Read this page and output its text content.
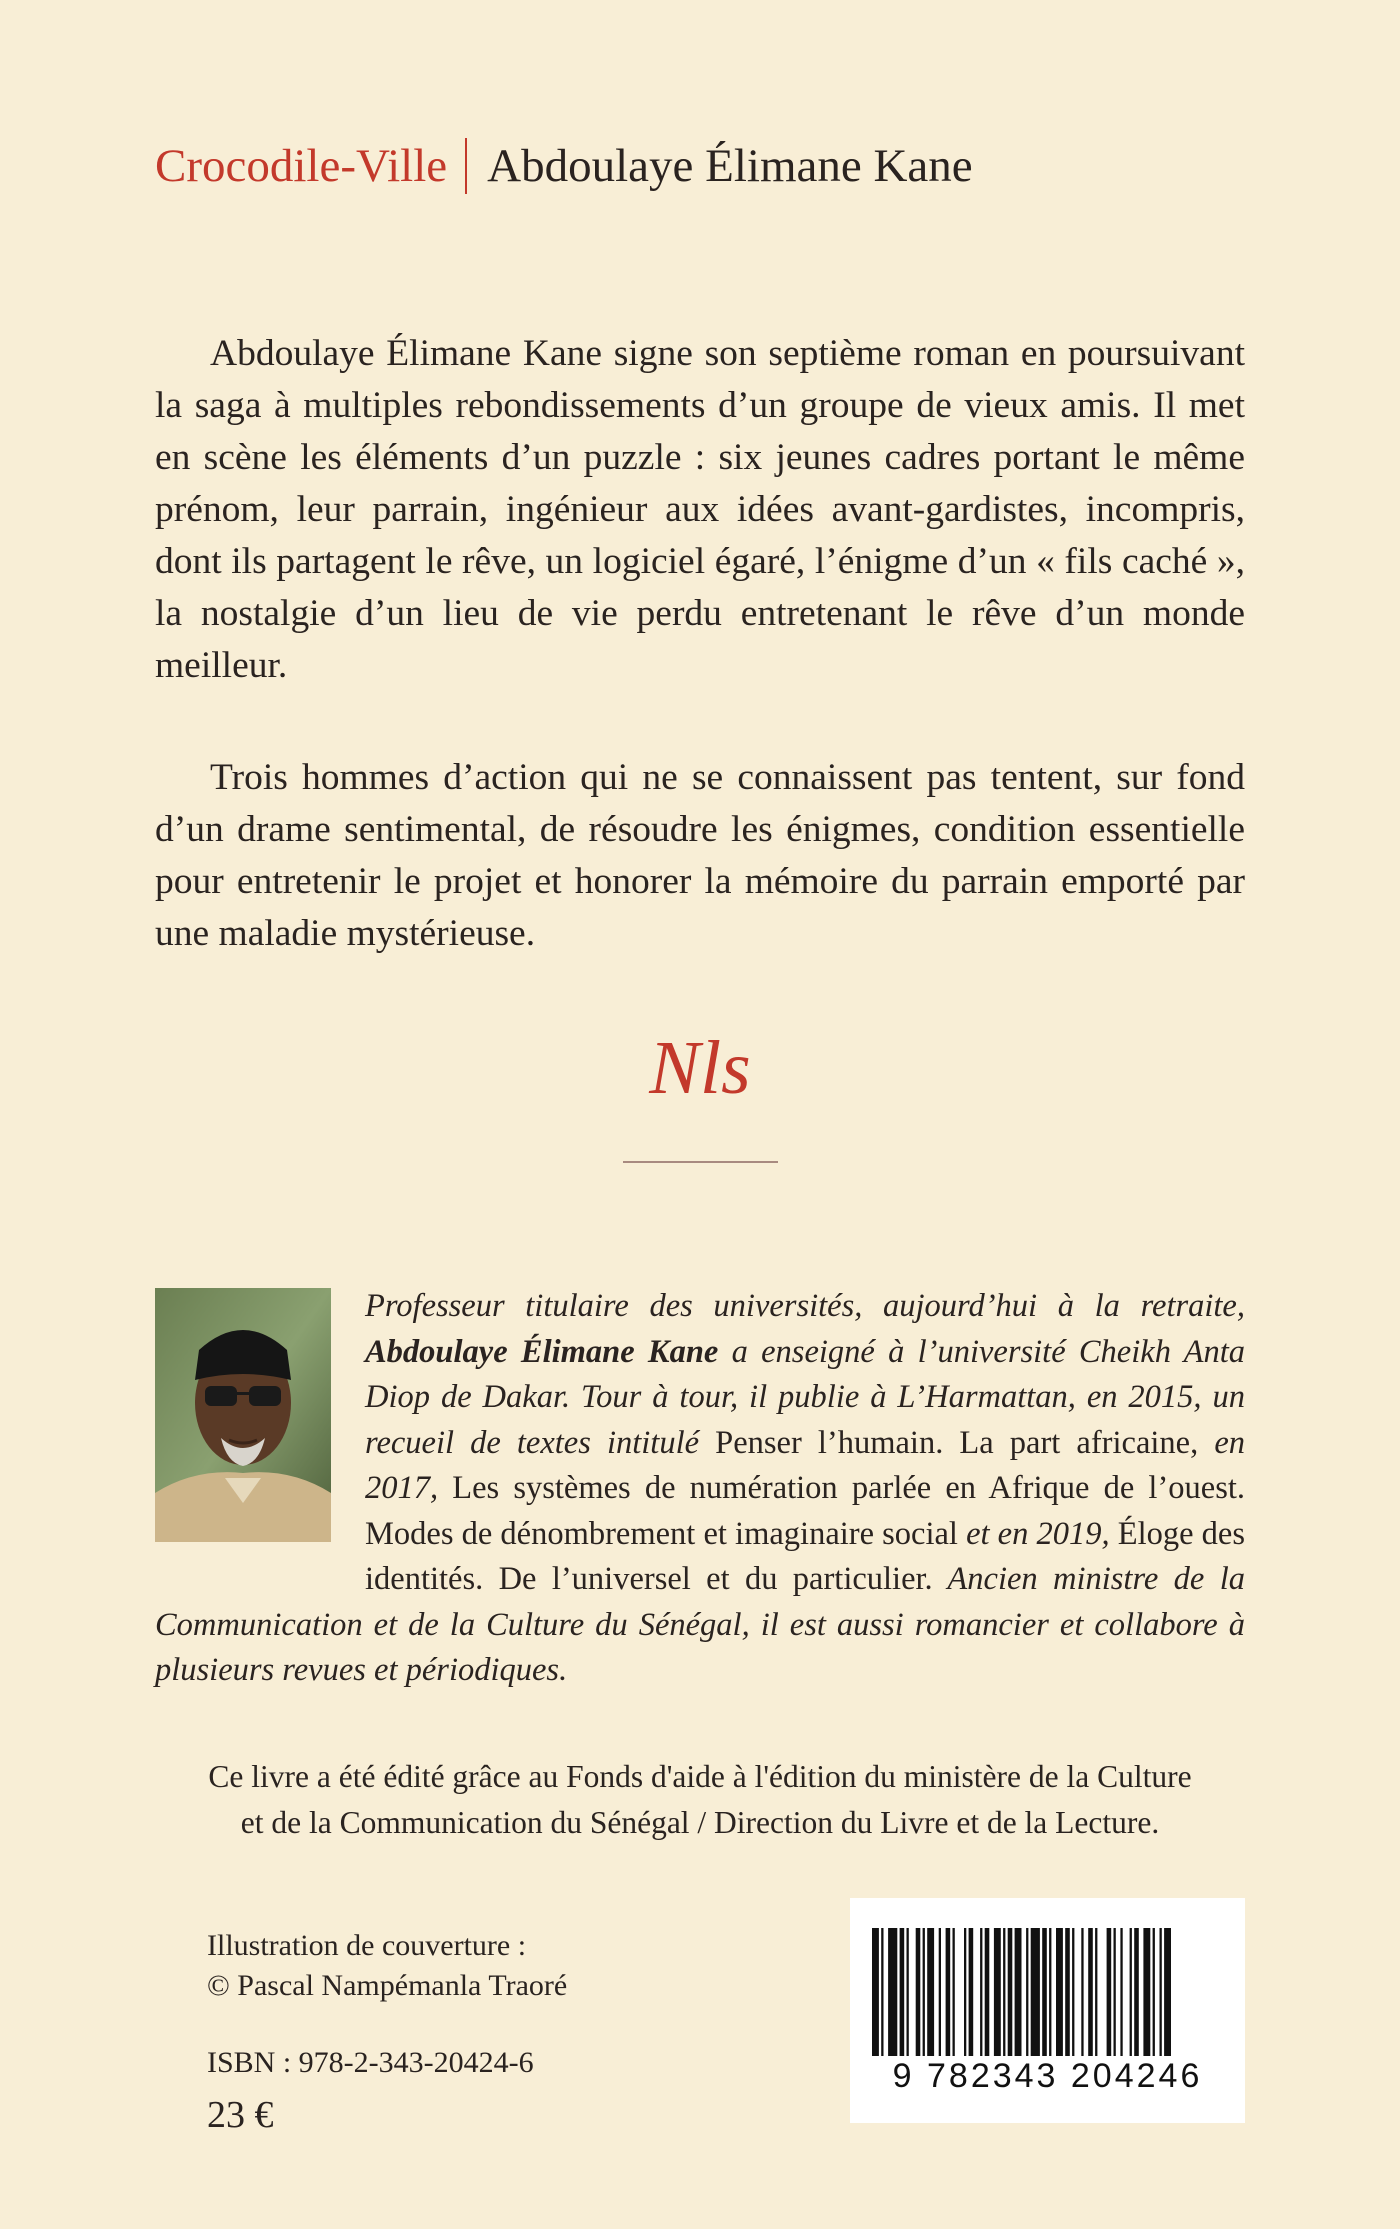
Crocodile-Ville Abdoulaye Élimane Kane

Abdoulaye Élimane Kane signe son septième roman en poursuivant la saga à multiples rebondissements d’un groupe de vieux amis. Il met en scène les éléments d’un puzzle : six jeunes cadres portant le même prénom, leur parrain, ingénieur aux idées avant-gardistes, incompris, dont ils partagent le rêve, un logiciel égaré, l’énigme d’un « fils caché », la nostalgie d’un lieu de vie perdu entretenant le rêve d’un monde meilleur.

Trois hommes d’action qui ne se connaissent pas tentent, sur fond d’un drame sentimental, de résoudre les énigmes, condition essentielle pour entretenir le projet et honorer la mémoire du parrain emporté par une maladie mystérieuse.

Nls

Professeur titulaire des universités, aujourd’hui à la retraite, Abdoulaye Élimane Kane a enseigné à l’université Cheikh Anta Diop de Dakar. Tour à tour, il publie à L’Harmattan, en 2015, un recueil de textes intitulé Penser l’humain. La part africaine, en 2017, Les systèmes de numération parlée en Afrique de l’ouest. Modes de dénombrement et imaginaire social et en 2019, Éloge des identités. De l’universel et du particulier. Ancien ministre de la Communication et de la Culture du Sénégal, il est aussi romancier et collabore à plusieurs revues et périodiques.

Ce livre a été édité grâce au Fonds d'aide à l'édition du ministère de la Culture
et de la Communication du Sénégal / Direction du Livre et de la Lecture.

Illustration de couverture :
© Pascal Nampémanla Traoré
ISBN : 978-2-343-20424-6
23 €
9 782343 204246
